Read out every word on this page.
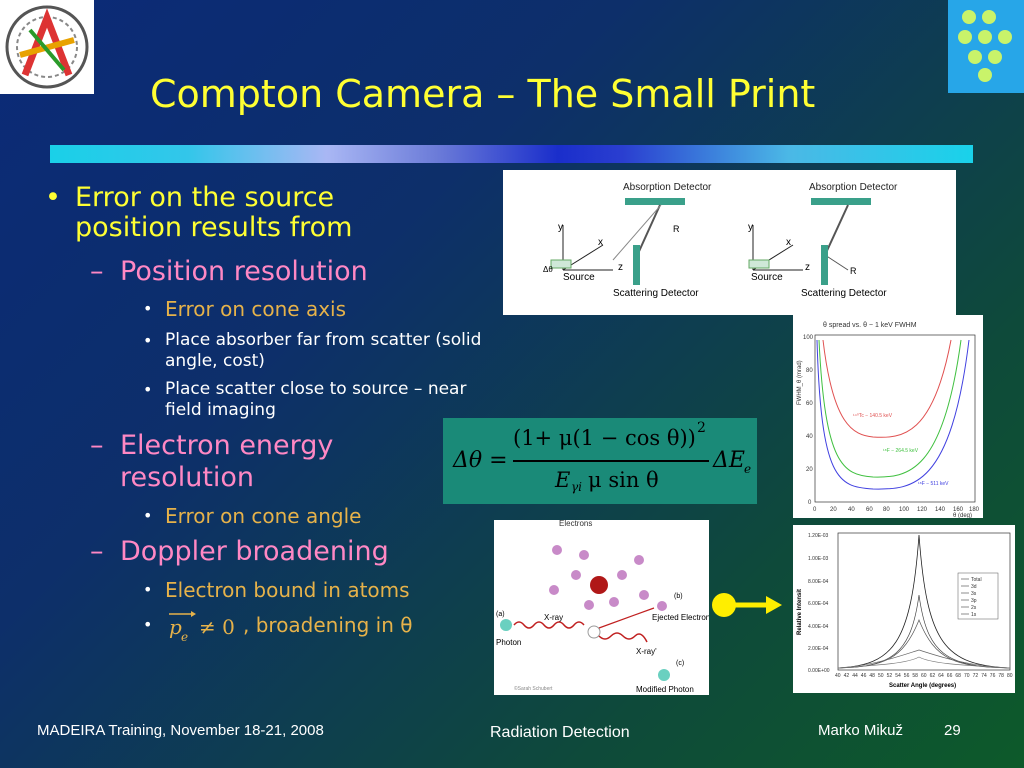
Compton Camera – The Small Print
• Error on the source position results from
– Position resolution
• Error on cone axis
• Place absorber far from scatter (solid angle, cost)
• Place scatter close to source – near field imaging
– Electron energy resolution
• Error on cone angle
– Doppler broadening
• Electron bound in atoms
• p e ≠ 0 , broadening in θ
Absorption Detector
y
x
z
R
Δθ
Source
Scattering Detector
Absorption Detector
y
x
z	R
Source
Scattering Detector
θ spread vs. θ − 1 keV FWHM
FWHM_θ (mrad)
100
80
60
40
20
0
0 20 40 60 80 100 120 140 160 180
θ (deg)
¹⁴⁰Tc − 140.5 keV
¹⁸F − 264.5 keV
¹⁸F − 511 keV
Δθ =
(1+ μ(1 − cos θ)) 2
E γi μ sin θ
ΔE e
Electrons
(a)
Photon
X-ray
(b)
Ejected Electron
X-ray'
(c)
Modified Photon
©Sarah Schubert
1.20E-03
1.00E-03
8.00E-04
6.00E-04
4.00E-04
2.00E-04
0.00E+00
Relative Intensit
40 42 44 46 48 50 52 54 56 58 60 62 64 66 68 70 72 74 76 78 80
Scatter Angle (degrees)
Total
3d
3s
3p
2s
1s
MADEIRA Training, November 18-21, 2008	Radiation Detection	Marko Mikuž	29
